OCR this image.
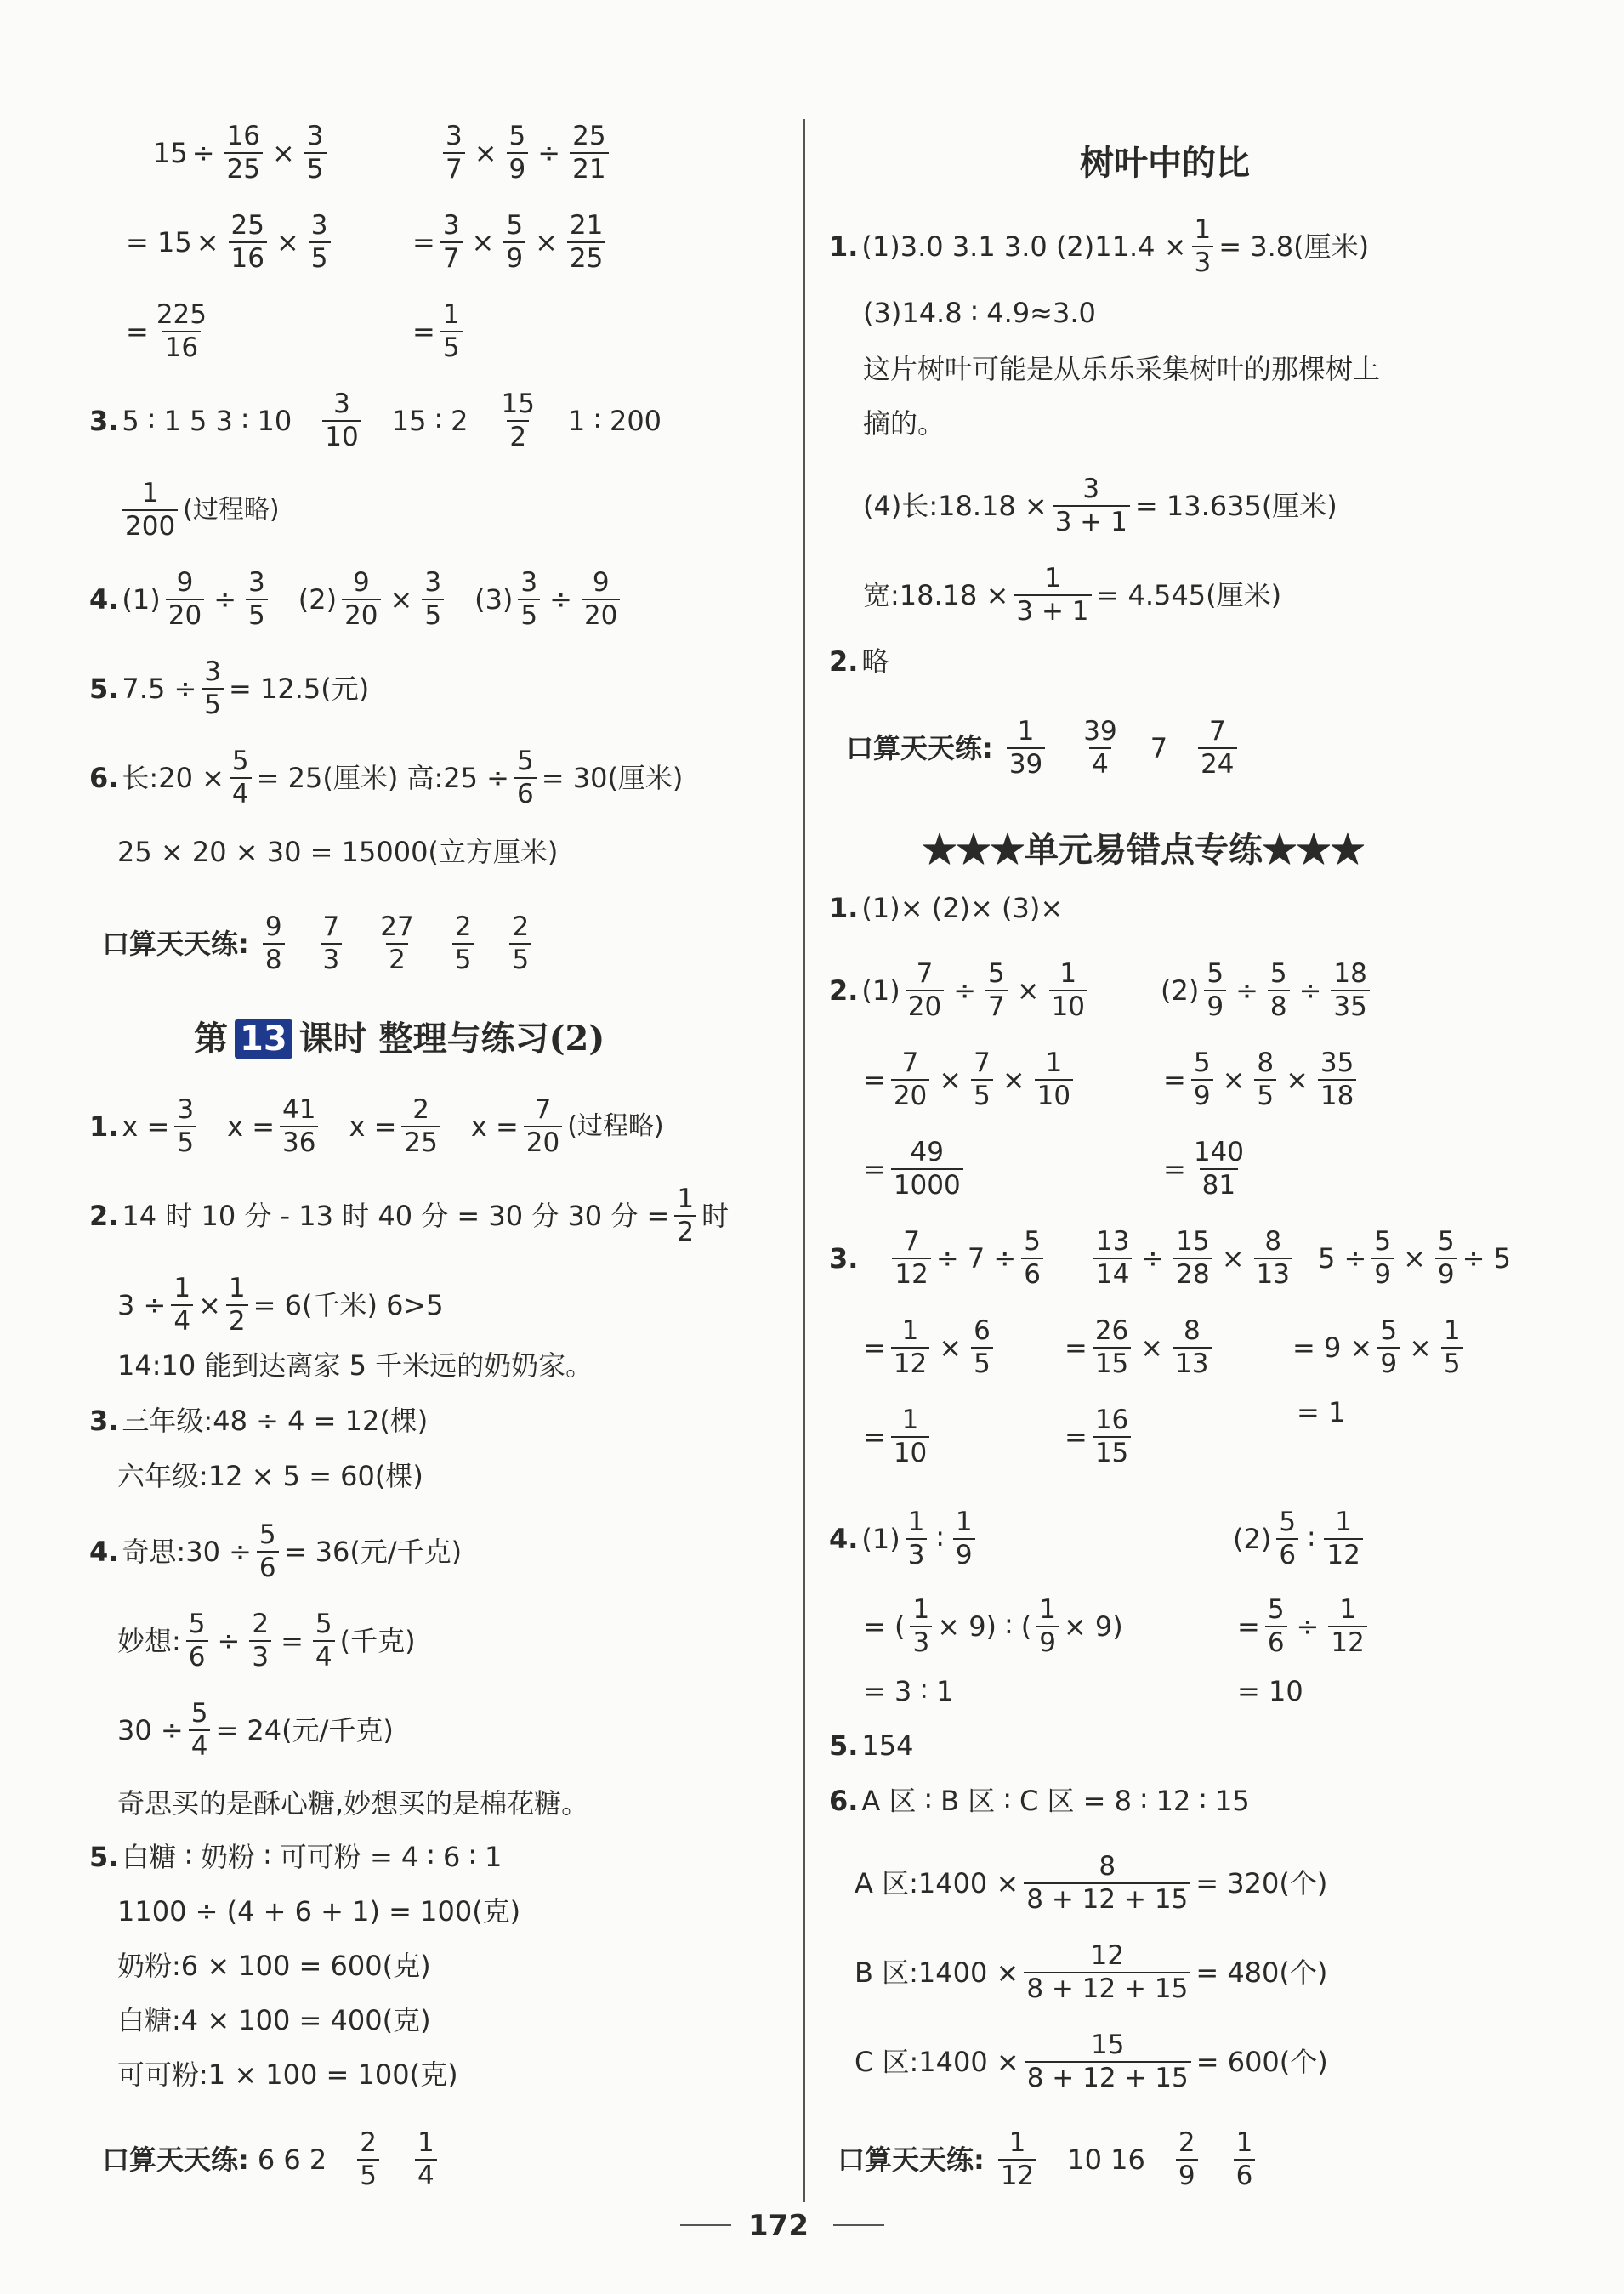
$15 \div \frac{16}{25} \times \frac{3}{5}$	$\frac{3}{7} \times \frac{5}{9} \div \frac{25}{21}$
= $15 \times \frac{25}{16} \times \frac{3}{5}$	= $\frac{3}{7} \times \frac{5}{9} \times \frac{21}{25}$
= $\frac{225}{16}$	= $\frac{1}{5}$
3. 5 ∶ 1 5 3 ∶ $10 \frac{3}{10} 15$ ∶ $2 \frac{15}{2} 1$ ∶ 200
$\frac{1}{200}$ (过程略)
4. $(1) \frac{9}{20} \div \frac{3}{5} (2) \frac{9}{20} \times \frac{3}{5} (3) \frac{3}{5} \div \frac{9}{20}$
5. $7.5 \div \frac{3}{5} = 12.5$(元)
6. 长:20 × $\frac{5}{4} = 25$(厘米) 高:25 ÷ $\frac{5}{6} = 30$(厘米)
25 × 20 × 30 = 15000(立方厘米)
口算天天练: $\frac{9}{8} \frac{7}{3} \frac{27}{2} \frac{2}{5} \frac{2}{5}$
第 13 课时 整理与练习(2)
1. $x = \frac{3}{5}$ $x = \frac{41}{36}$ $x = \frac{2}{25}$ $x = \frac{7}{20}$ (过程略)
2. 14 时 10 分 - 13 时 40 分 = 30 分 30 分 = $\frac{1}{2}$ 时
$3 \div \frac{1}{4} \times \frac{1}{2} = 6$(千米) 6>5
14:10 能到达离家 5 千米远的奶奶家。
3. 三年级:48 ÷ 4 = 12(棵)
六年级:12 × 5 = 60(棵)
4. 奇思:30 ÷ $\frac{5}{6} = 36$(元/千克)
妙想: $\frac{5}{6} \div \frac{2}{3} = \frac{5}{4}$ (千克)
$30 \div \frac{5}{4} = 24$(元/千克)
奇思买的是酥心糖,妙想买的是棉花糖。
5. 白糖 ∶ 奶粉 ∶ 可可粉 = 4 ∶ 6 ∶ 1
1100 ÷ (4 + 6 + 1) = 100(克)
奶粉:6 × 100 = 600(克)
白糖:4 × 100 = 400(克)
可可粉:1 × 100 = 100(克)
口算天天练: 6 6 $2 \frac{2}{5} \frac{1}{4}$
树叶中的比
1. (1)3.0 3.1 3.0 $(2)11.4 \times \frac{1}{3} = 3.8$(厘米)
(3)14.8 ∶ 4.9≈3.0
这片树叶可能是从乐乐采集树叶的那棵树上
摘的。
(4)长:18.18 × $\frac{3}{3 + 1} = 13.635$(厘米)
宽:18.18 × $\frac{1}{3 + 1} = 4.545$(厘米)
2. 略
口算天天练: $\frac{1}{39} \frac{39}{4} 7 \frac{7}{24}$
★★★单元易错点专练★★★
1. (1)× (2)× (3)×
2. $(1) \frac{7}{20} \div \frac{5}{7} \times \frac{1}{10}$	$(2) \frac{5}{9} \div \frac{5}{8} \div \frac{18}{35}$
= $\frac{7}{20} \times \frac{7}{5} \times \frac{1}{10}$	= $\frac{5}{9} \times \frac{8}{5} \times \frac{35}{18}$
= $\frac{49}{1000}$	= $\frac{140}{81}$
3. $\frac{7}{12} \div 7 \div \frac{5}{6} \frac{13}{14} \div \frac{15}{28} \times \frac{8}{13} 5 \div \frac{5}{9} \times \frac{5}{9} \div 5$
= $\frac{1}{12} \times \frac{6}{5}$	= $\frac{26}{15} \times \frac{8}{13}$	= $9 \times \frac{5}{9} \times \frac{1}{5}$
= $\frac{1}{10}$	= $\frac{16}{15}$	= 1
4. $(1) \frac{1}{3}$ ∶ $\frac{1}{9}$	$(2) \frac{5}{6}$ ∶ $\frac{1}{12}$
= ( $\frac{1}{3} \times 9$) ∶ ( $\frac{1}{9} \times 9$)	= $\frac{5}{6} \div \frac{1}{12}$
= 3 ∶ 1	= 10
5. 154
6. A 区 ∶ B 区 ∶ C 区 = 8 ∶ 12 ∶ 15
A 区:1400 × $\frac{8}{8 + 12 + 15} = 320$(个)
B 区:1400 × $\frac{12}{8 + 12 + 15} = 480$(个)
C 区:1400 × $\frac{15}{8 + 12 + 15} = 600$(个)
口算天天练: $\frac{1}{12} 10$ $16 \frac{2}{9} \frac{1}{6}$
172
